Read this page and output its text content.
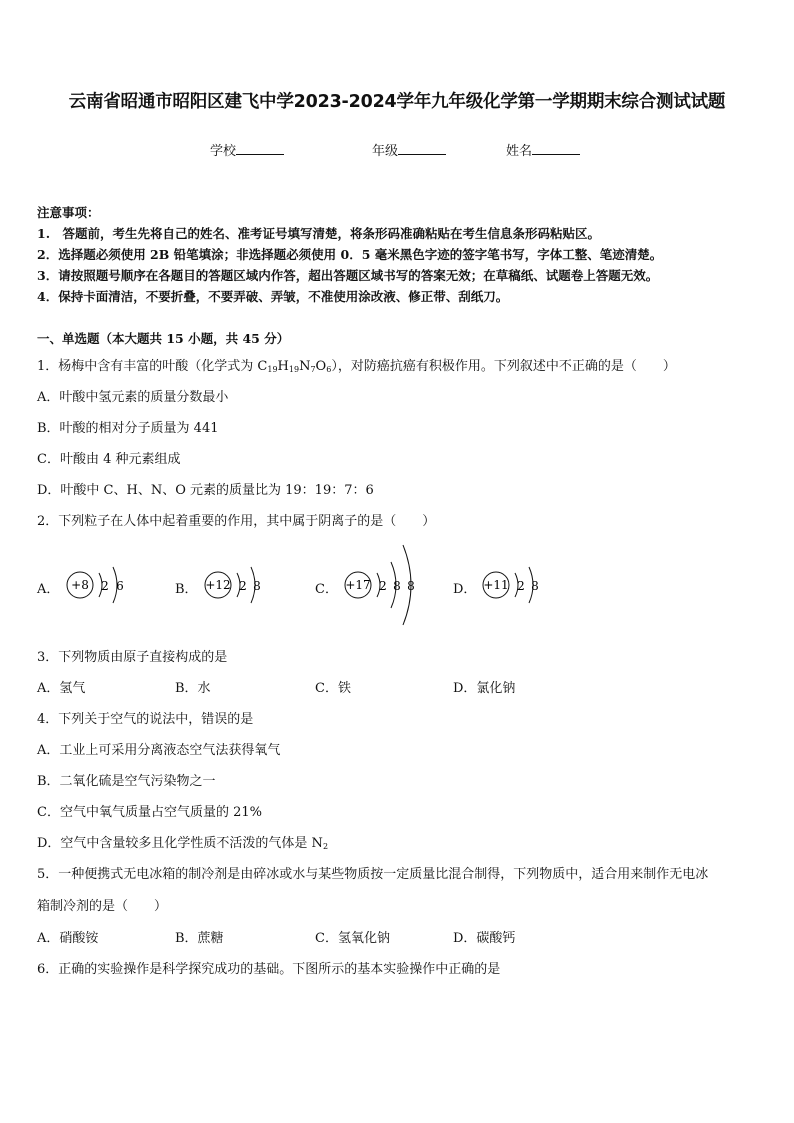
云南省昭通市昭阳区建飞中学2023-2024学年九年级化学第一学期期末综合测试试题
学校	年级	姓名
注意事项：
1.　答题前，考生先将自己的姓名、准考证号填写清楚，将条形码准确粘贴在考生信息条形码粘贴区。
2．选择题必须使用 2B 铅笔填涂；非选择题必须使用 0．5 毫米黑色字迹的签字笔书写，字体工整、笔迹清楚。
3．请按照题号顺序在各题目的答题区域内作答，超出答题区域书写的答案无效；在草稿纸、试题卷上答题无效。
4．保持卡面清洁，不要折叠，不要弄破、弄皱，不准使用涂改液、修正带、刮纸刀。
一、单选题（本大题共 15 小题，共 45 分）
1．杨梅中含有丰富的叶酸（化学式为 $C_{19}H_{19}N_7O_6$），对防癌抗癌有积极作用。下列叙述中不正确的是（　　）
A．叶酸中氢元素的质量分数最小
B．叶酸的相对分子质量为 441
C．叶酸由 4 种元素组成
D．叶酸中 C、H、N、O 元素的质量比为 19：19：7：6
2．下列粒子在人体中起着重要的作用，其中属于阴离子的是（　　）
A． +8 2 6	B． +12 2 8	C． +17 2 8 8	D． +11 2 8
3．下列物质由原子直接构成的是
A．氢气	B．水	C．铁	D．氯化钠
4．下列关于空气的说法中，错误的是
A．工业上可采用分离液态空气法获得氧气
B．二氧化硫是空气污染物之一
C．空气中氧气质量占空气质量的 21%
D．空气中含量较多且化学性质不活泼的气体是 $N_2$
5．一种便携式无电冰箱的制冷剂是由碎冰或水与某些物质按一定质量比混合制得，下列物质中，适合用来制作无电冰
箱制冷剂的是（　　）
A．硝酸铵	B．蔗糖	C．氢氧化钠	D．碳酸钙
6．正确的实验操作是科学探究成功的基础。下图所示的基本实验操作中正确的是
